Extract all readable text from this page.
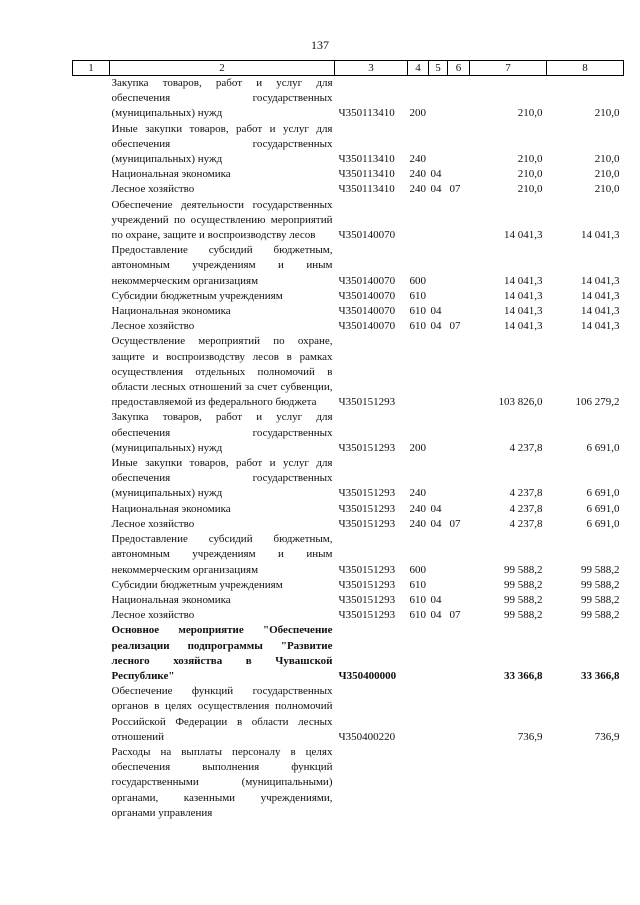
137
1	2	3	4	5	6	7	8
	Закупка товаров, работ и услуг для обеспечения государственных (муниципальных) нужд	Ч350113410	200			210,0	210,0
	Иные закупки товаров, работ и услуг для обеспечения государственных (муниципальных) нужд	Ч350113410	240			210,0	210,0
	Национальная экономика	Ч350113410	240	04		210,0	210,0
	Лесное хозяйство	Ч350113410	240	04	07	210,0	210,0
	Обеспечение деятельности государственных учреждений по осуществлению мероприятий по охране, защите и воспроизводству лесов	Ч350140070				14 041,3	14 041,3
	Предоставление субсидий бюджетным, автономным учреждениям и иным некоммерческим организациям	Ч350140070	600			14 041,3	14 041,3
	Субсидии бюджетным учреждениям	Ч350140070	610			14 041,3	14 041,3
	Национальная экономика	Ч350140070	610	04		14 041,3	14 041,3
	Лесное хозяйство	Ч350140070	610	04	07	14 041,3	14 041,3
	Осуществление мероприятий по охране, защите и воспроизводству лесов в рамках осуществления отдельных полномочий в области лесных отношений за счет субвенции, предоставляемой из федерального бюджета	Ч350151293				103 826,0	106 279,2
	Закупка товаров, работ и услуг для обеспечения государственных (муниципальных) нужд	Ч350151293	200			4 237,8	6 691,0
	Иные закупки товаров, работ и услуг для обеспечения государственных (муниципальных) нужд	Ч350151293	240			4 237,8	6 691,0
	Национальная экономика	Ч350151293	240	04		4 237,8	6 691,0
	Лесное хозяйство	Ч350151293	240	04	07	4 237,8	6 691,0
	Предоставление субсидий бюджетным, автономным учреждениям и иным некоммерческим организациям	Ч350151293	600			99 588,2	99 588,2
	Субсидии бюджетным учреждениям	Ч350151293	610			99 588,2	99 588,2
	Национальная экономика	Ч350151293	610	04		99 588,2	99 588,2
	Лесное хозяйство	Ч350151293	610	04	07	99 588,2	99 588,2
	Основное мероприятие "Обеспечение реализации подпрограммы "Развитие лесного хозяйства в Чувашской Республике"	Ч350400000				33 366,8	33 366,8
	Обеспечение функций государственных органов в целях осуществления полномочий Российской Федерации в области лесных отношений	Ч350400220				736,9	736,9
	Расходы на выплаты персоналу в целях обеспечения выполнения функций государственными (муниципальными) органами, казенными учреждениями, органами управления						
